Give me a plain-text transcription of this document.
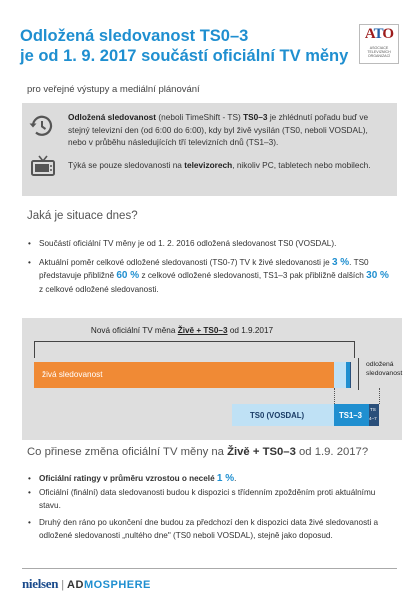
Odložená sledovanost TS0–3
je od 1. 9. 2017 součástí oficiální TV měny
ATO
ASOCIACE TELEVIZNÍCH ORGANIZACÍ
pro veřejné výstupy a mediální plánování
Odložená sledovanost (neboli TimeShift - TS) TS0–3 je zhlédnutí pořadu buď ve stejný televizní den (od 6:00 do 6:00), kdy byl živě vysílán (TS0, neboli VOSDAL), nebo v průběhu následujících tří televizních dnů (TS1–3).
Týká se pouze sledovanosti na televizorech, nikoliv PC, tabletech nebo mobilech.
Jaká je situace dnes?
• Součástí oficiální TV měny je od 1. 2. 2016 odložená sledovanost TS0 (VOSDAL).
• Aktuální poměr celkové odložené sledovanosti (TS0-7) TV k živé sledovanosti je 3 %. TS0 představuje přibližně 60 % z celkové odložené sledovanosti, TS1–3 pak přibližně dalších 30 % z celkové odložené sledovanosti.
Nová oficiální TV měna Živě + TS0–3 od 1.9.2017
živá sledovanost
odložená
sledovanost
TS0 (VOSDAL)	TS1–3
TS
4–7
Co přinese změna oficiální TV měny na Živě + TS0–3 od 1.9. 2017?
• Oficiální ratingy v průměru vzrostou o necelé 1 %.
• Oficiální (finální) data sledovanosti budou k dispozici s třídenním zpožděním proti aktuálnímu stavu.
• Druhý den ráno po ukončení dne budou za předchozí den k dispozici data živé sledovanosti a odložené sledovanosti „nultého dne" (TS0 neboli VOSDAL), stejně jako doposud.
nielsen | ADMOSPHERE
